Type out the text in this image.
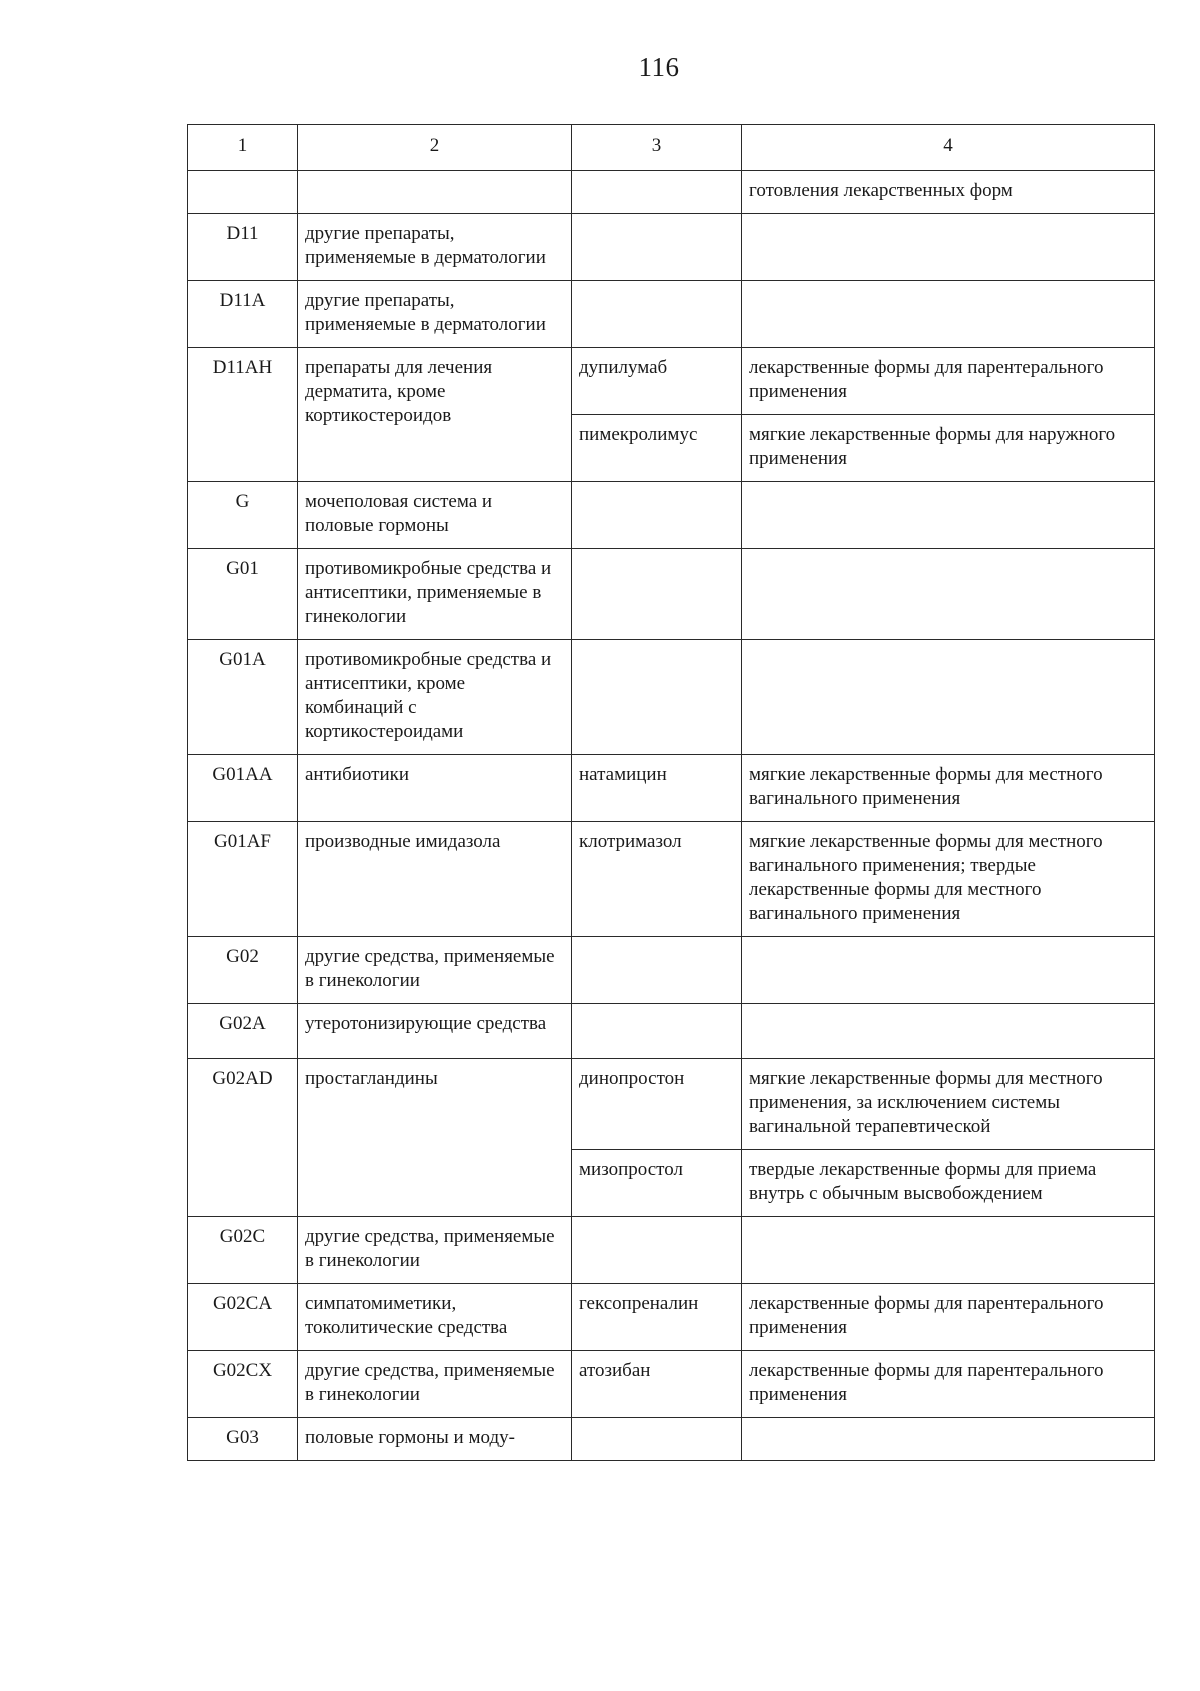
116
1	2	3	4
			готовления лекарственных форм
D11	другие препараты, применяемые в дерматологии		
D11A	другие препараты, применяемые в дерматологии		
D11AH	препараты для лечения дерматита, кроме кортикостероидов	дупилумаб	лекарственные формы для парентерального применения
		пимекролимус	мягкие лекарственные формы для наружного применения
G	мочеполовая система и половые гормоны		
G01	противомикробные средства и антисептики, применяемые в гинекологии		
G01A	противомикробные средства и антисептики, кроме комбинаций с кортикостероидами		
G01AA	антибиотики	натамицин	мягкие лекарственные формы для местного вагинального применения
G01AF	производные имидазола	клотримазол	мягкие лекарственные формы для местного вагинального применения; твердые лекарственные формы для местного вагинального применения
G02	другие средства, применяемые в гинекологии		
G02A	утеротонизирующие средства		
G02AD	простагландины	динопростон	мягкие лекарственные формы для местного применения, за исключением системы вагинальной терапевтической
		мизопростол	твердые лекарственные формы для приема внутрь с обычным высвобождением
G02C	другие средства, применяемые в гинекологии		
G02CA	симпатомиметики, токолитические средства	гексопреналин	лекарственные формы для парентерального применения
G02CX	другие средства, применяемые в гинекологии	атозибан	лекарственные формы для парентерального применения
G03	половые гормоны и моду-		
